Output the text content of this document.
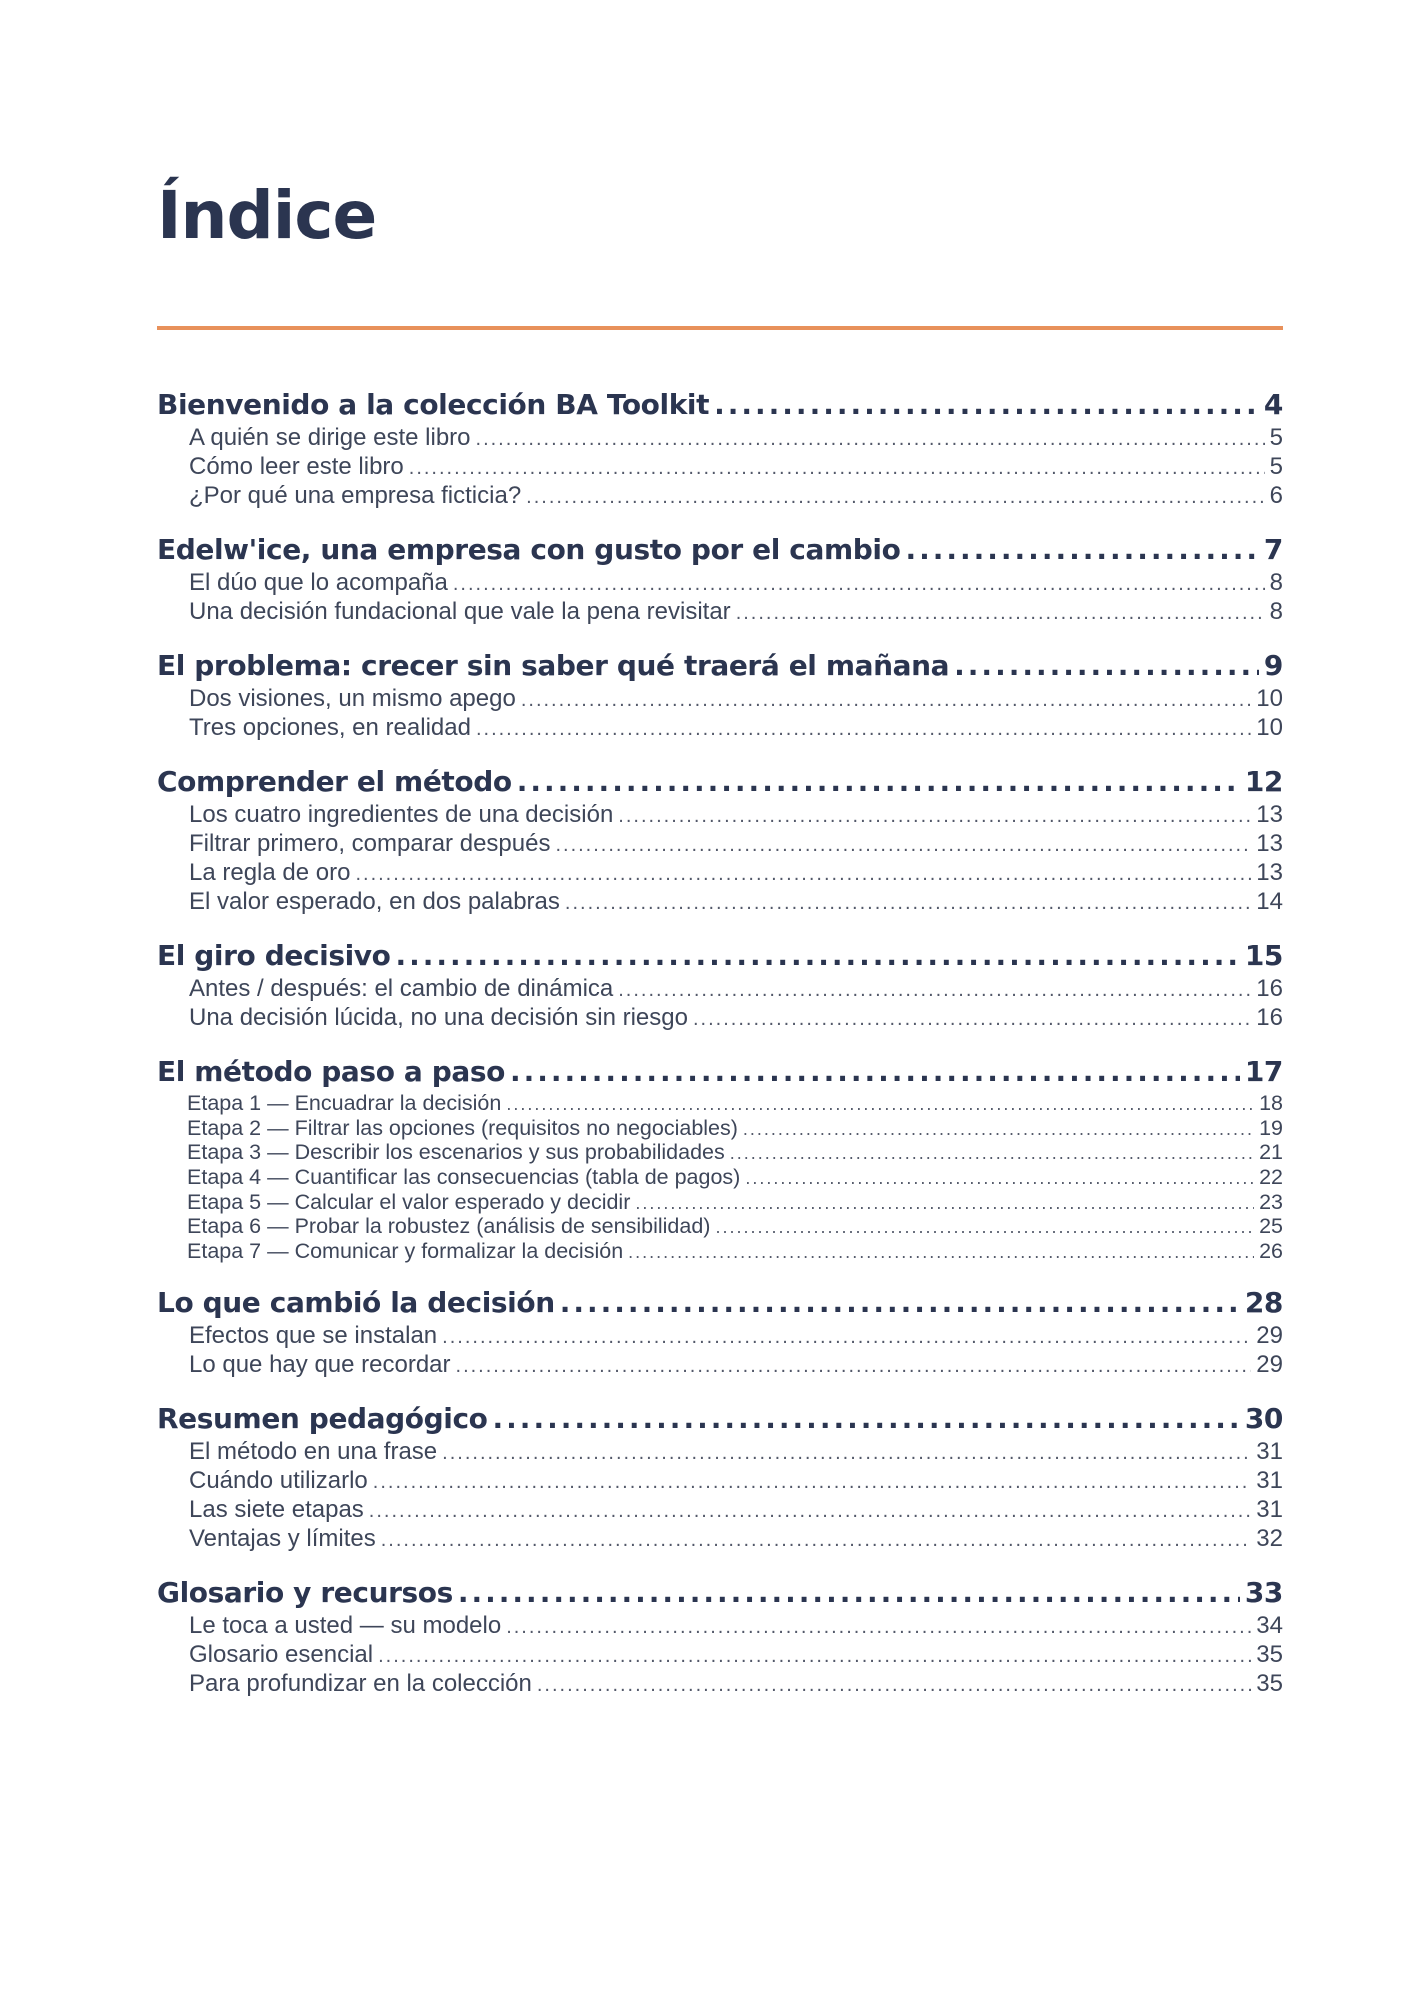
Índice
Bienvenido a la colección BA Toolkit .....	4
A quién se dirige este libro .....	5
Cómo leer este libro .....	5
¿Por qué una empresa ficticia? .....	6
Edelw'ice, una empresa con gusto por el cambio .....	7
El dúo que lo acompaña .....	8
Una decisión fundacional que vale la pena revisitar .....	8
El problema: crecer sin saber qué traerá el mañana .....	9
Dos visiones, un mismo apego .....	10
Tres opciones, en realidad .....	10
Comprender el método .....	12
Los cuatro ingredientes de una decisión .....	13
Filtrar primero, comparar después .....	13
La regla de oro .....	13
El valor esperado, en dos palabras .....	14
El giro decisivo .....	15
Antes / después: el cambio de dinámica .....	16
Una decisión lúcida, no una decisión sin riesgo .....	16
El método paso a paso .....	17
Etapa 1 — Encuadrar la decisión .....	18
Etapa 2 — Filtrar las opciones (requisitos no negociables) .....	19
Etapa 3 — Describir los escenarios y sus probabilidades .....	21
Etapa 4 — Cuantificar las consecuencias (tabla de pagos) .....	22
Etapa 5 — Calcular el valor esperado y decidir .....	23
Etapa 6 — Probar la robustez (análisis de sensibilidad) .....	25
Etapa 7 — Comunicar y formalizar la decisión .....	26
Lo que cambió la decisión .....	28
Efectos que se instalan .....	29
Lo que hay que recordar .....	29
Resumen pedagógico .....	30
El método en una frase .....	31
Cuándo utilizarlo .....	31
Las siete etapas .....	31
Ventajas y límites .....	32
Glosario y recursos .....	33
Le toca a usted — su modelo .....	34
Glosario esencial .....	35
Para profundizar en la colección .....	35
